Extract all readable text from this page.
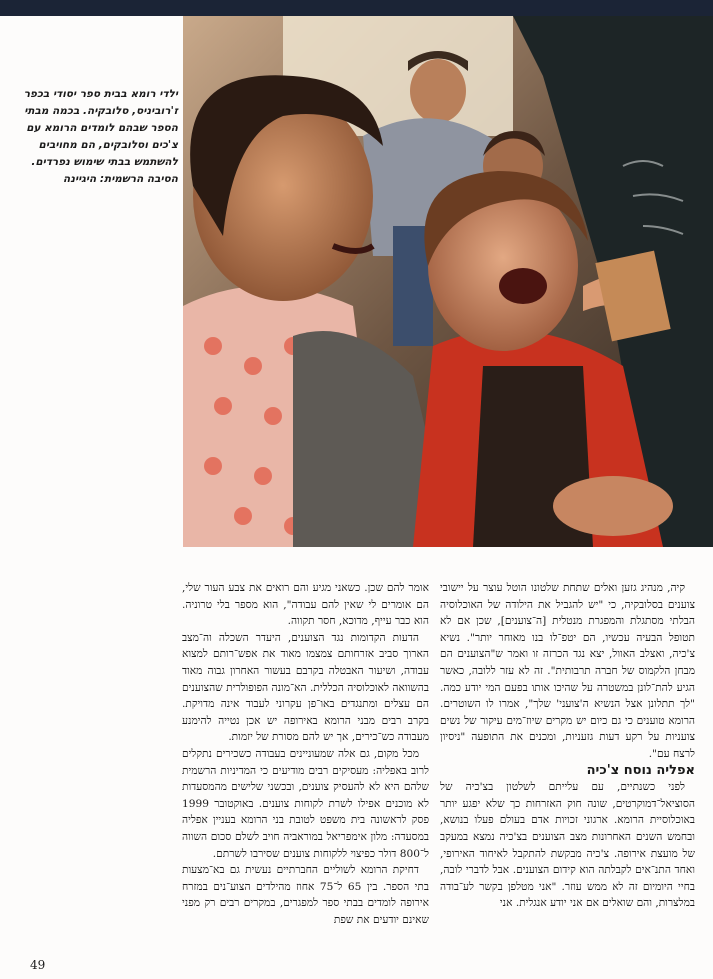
ילדי רומא בבית ספר יסודי בכפר ז'רוביניס, סלובקיה. בכמה מבתי הספר שבהם לומדים הרומא עם צ'כים וסלובקים, הם מחויבים להשתמש בבתי שימוש נפרדים. הסיבה הרשמית: היגיינה

קיה, מנהיג גזען ואלים שתחת שלטונו הוטל עוצר על יישובי צוענים בסלובקיה, כי "יש להגביל את הילודה של האוכלוסיה הבלתי מסתגלת והמפגרת מנטלית [ה־צוענים], שכן אם לא תטופל הבעיה עכשיו, הם יטפ־לו בנו מאוחר יותר". נשיא צ'כיה, ואצלב האוול, יצא נגד הכרזה זו ואמר ש"הצוענים הם מבחן הלקמוס של חברה תרבותית". זה לא עזר ללובה, כאשר הגיע להת־לונן במשטרה על שהיכו אותו בפעם המי יודע כמה. "לך תתלונן אצל הנשיא ה'צועני' שלך", אמרו לו השוטרים. הרומא טוענים כי גם כיום יש מקרים שיוז־מים עיקור של נשים צועניות על רקע דעות גזעניות, ומכנים את התופעה "ניסיון לרצח עם".

אפליה נוסח צ'כיה

לפני כשנתיים, עם עלייתם לשלטון בצ'כיה של הסוציאל־דמוקרטים, שונה חוק האזרחות כך שלא יפגע יותר באוכלוסיית הרומא. ארגוני זכויות אדם בעולם פעלו בנושא, ובחמש השנים האחרונות מצב הצוענים בצ'כיה נמצא במעקב של מועצת אירופה. צ'כיה מבקשת להתקבל לאיחוד האירופי, ואחד התנ־אים לקבלתה הוא קידום הצוענים. אבל לדברי לובה, בחיי היומיום זה לא ממש עוזר. "אני מטלפן בקשר לע־בודה במלצרות, והם שואלים אם אני יודע אנגלית. אני

אומר להם שכן. כשאני מגיע והם רואים את צבע העור שלי, הם אומרים לי שאין להם עבודה", הוא מספר בלי טרוניה. הוא כבר עייף, מדוכא, חסר תקווה.

הדעות הקדומות נגד הצוענים, היעדר השכלה וה־מצב הארוך סביב אזרחותם צמצמו מאוד את אפש־רותם למצוא עבודה, ושיעור האבטלה בקרבם בעשור האחרון גבוה מאוד בהשוואה לאוכלוסיה הכללית. הא־מונה הפופולרית שהצוענים הם עצלים ומתנגדים באו־פן עקרוני לעבוד אינה מדויקת. בקרב רבים מבני הרומא באירופה יש אכן נטייה להימנע מעבודה כש־כירים, אך יש להם מסורת של יזמות.

מכל מקום, גם אלה שמעוניינים בעבודה כשכירים נתקלים לרוב באפליה: מעסיקים רבים מודיעים כי המדיניות הרשמית שלהם היא לא להעסיק צוענים, ובכשני שלישים מהמסעדות לא מוכנים אפילו לשרת לקוחות צוענים. באוקטובר 1999 פסק לראשונה בית משפט לטובת בני הרומא בעניין אפליה במסעדה: מלון אימפריאל במוראביה חויב לשלם סכום השווה ל־800 דולר כפיצוי ללקוחות צוענים שסירבו לשרתם.

דחיקת הרומא לשוליים החברתיים נעשית גם בא־מצעות בתי הספר. בין 65 ל־75 אחוז מהילדים הצוע־נים במזרח אירופה לומדים בבתי ספר למפגרים, במקרים רבים רק מפני שאינם יודעים את שפת

49
